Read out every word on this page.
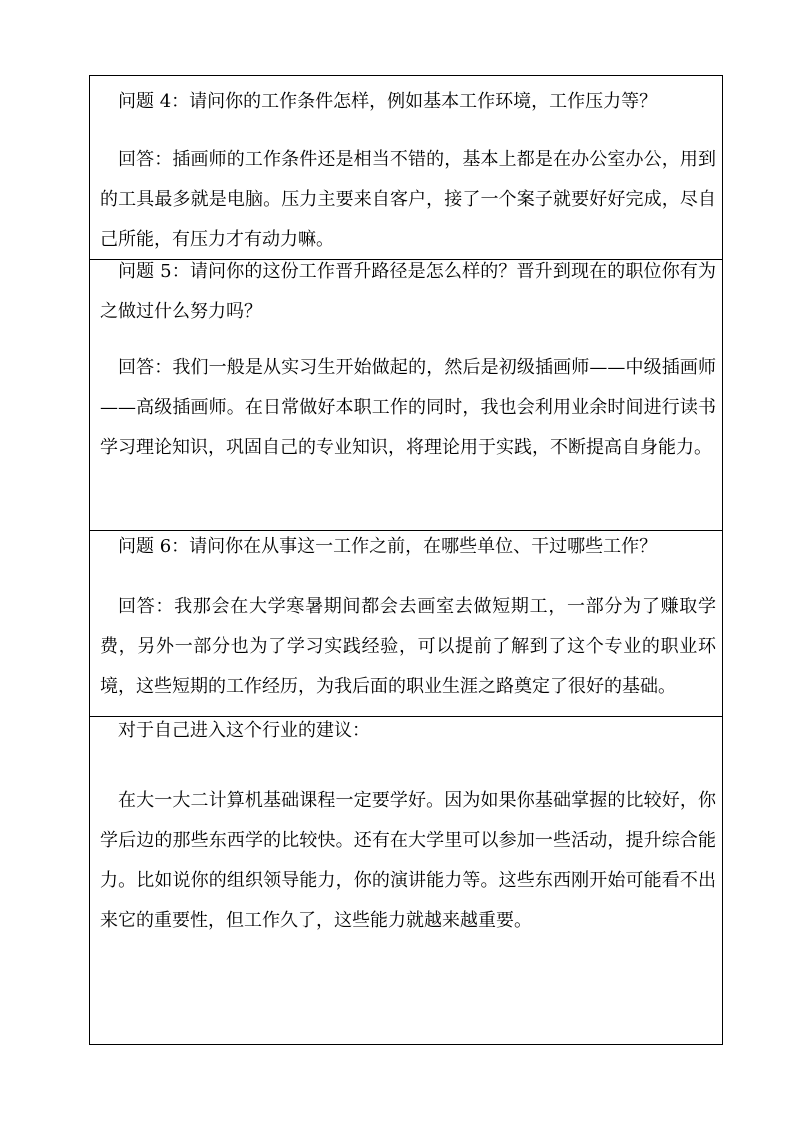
问题 4：请问你的工作条件怎样，例如基本工作环境，工作压力等？

回答：插画师的工作条件还是相当不错的，基本上都是在办公室办公，用到的工具最多就是电脑。压力主要来自客户，接了一个案子就要好好完成，尽自己所能，有压力才有动力嘛。

问题 5：请问你的这份工作晋升路径是怎么样的？晋升到现在的职位你有为之做过什么努力吗？

回答：我们一般是从实习生开始做起的，然后是初级插画师——中级插画师——高级插画师。在日常做好本职工作的同时，我也会利用业余时间进行读书学习理论知识，巩固自己的专业知识，将理论用于实践，不断提高自身能力。

问题 6：请问你在从事这一工作之前，在哪些单位、干过哪些工作？

回答：我那会在大学寒暑期间都会去画室去做短期工，一部分为了赚取学费，另外一部分也为了学习实践经验，可以提前了解到了这个专业的职业环境，这些短期的工作经历，为我后面的职业生涯之路奠定了很好的基础。

对于自己进入这个行业的建议：

在大一大二计算机基础课程一定要学好。因为如果你基础掌握的比较好，你学后边的那些东西学的比较快。还有在大学里可以参加一些活动，提升综合能力。比如说你的组织领导能力，你的演讲能力等。这些东西刚开始可能看不出来它的重要性，但工作久了，这些能力就越来越重要。
